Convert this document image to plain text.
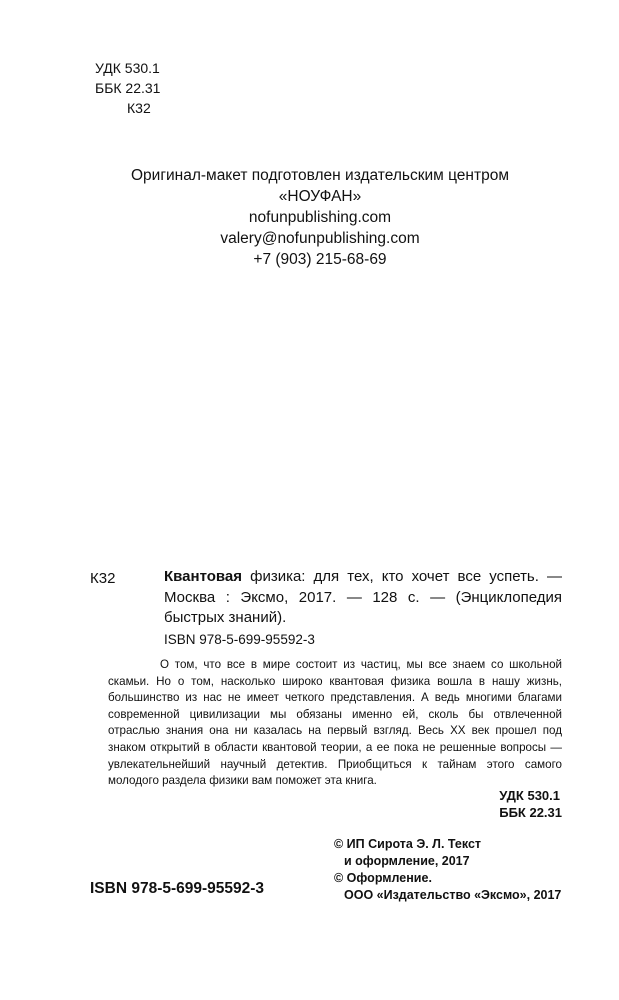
УДК 530.1
ББК 22.31
К32
Оригинал-макет подготовлен издательским центром
«НОУФАН»
nofunpublishing.com
valery@nofunpublishing.com
+7 (903) 215-68-69
К32	Квантовая физика: для тех, кто хочет все успеть. — Москва : Эксмо, 2017. — 128 с. — (Энциклопедия быстрых знаний).
ISBN 978-5-699-95592-3
О том, что все в мире состоит из частиц, мы все знаем со школьной скамьи. Но о том, насколько широко квантовая физика вошла в нашу жизнь, большинство из нас не имеет четкого представления. А ведь многими благами современной цивилизации мы обязаны именно ей, сколь бы отвлеченной отраслью знания она ни казалась на первый взгляд. Весь XX век прошел под знаком открытий в области квантовой теории, а ее пока не решенные вопросы — увлекательнейший научный детектив. Приобщиться к тайнам этого самого молодого раздела физики вам поможет эта книга.
УДК 530.1
ББК 22.31
© ИП Сирота Э. Л. Текст
и оформление, 2017
© Оформление.
ООО «Издательство «Эксмо», 2017
ISBN 978-5-699-95592-3
